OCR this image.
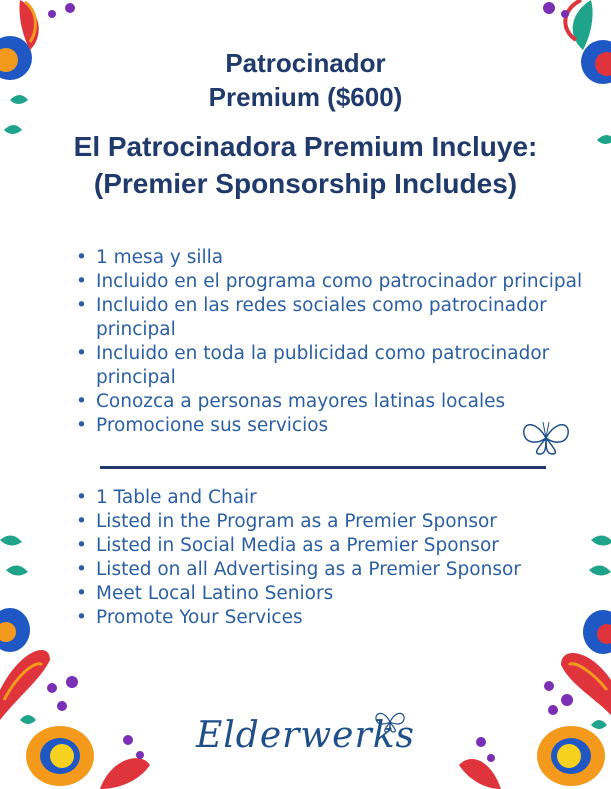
Patrocinador
Premium ($600)
El Patrocinadora Premium Incluye:
(Premier Sponsorship Includes)
• 1 mesa y silla
• Incluido en el programa como patrocinador principal
• Incluido en las redes sociales como patrocinador principal
• Incluido en toda la publicidad como patrocinador principal
• Conozca a personas mayores latinas locales
• Promocione sus servicios
• 1 Table and Chair
• Listed in the Program as a Premier Sponsor
• Listed in Social Media as a Premier Sponsor
• Listed on all Advertising as a Premier Sponsor
• Meet Local Latino Seniors
• Promote Your Services
Elderwerks
